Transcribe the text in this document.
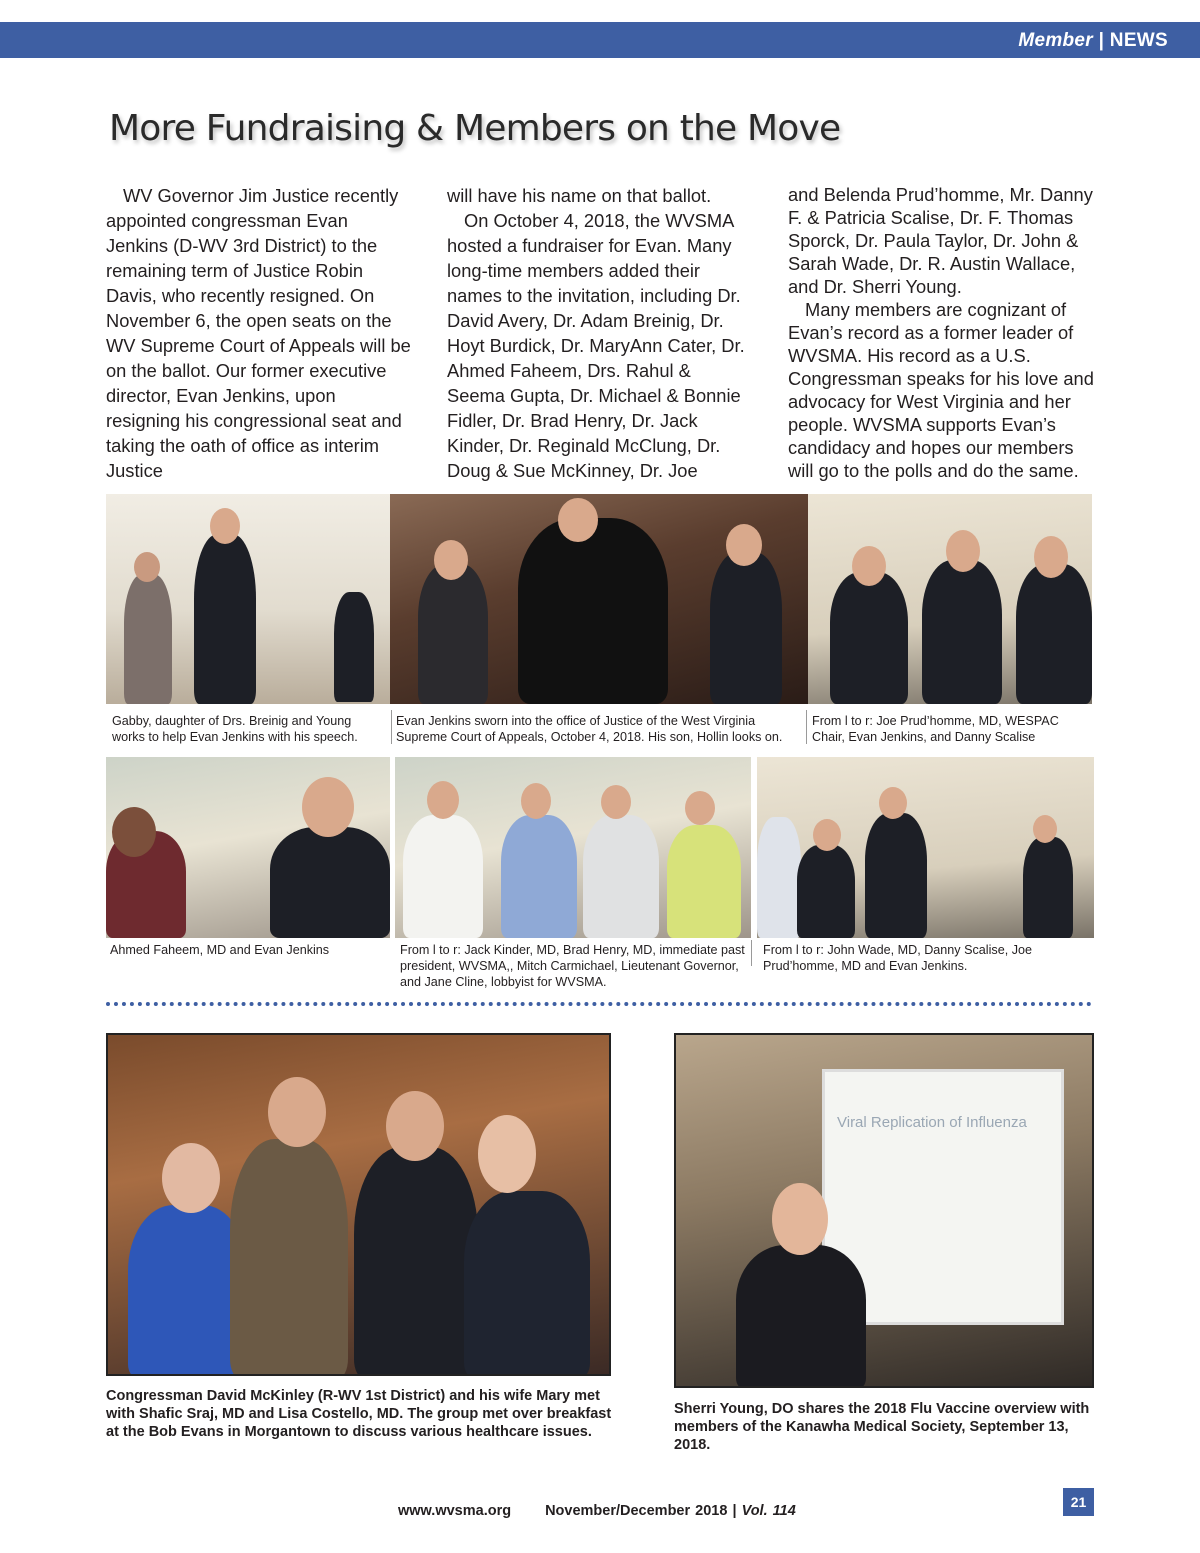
Member | NEWS
More Fundraising & Members on the Move

WV Governor Jim Justice recently appointed congressman Evan Jenkins (D-WV 3rd District) to the remaining term of Justice Robin Davis, who recently resigned. On November 6, the open seats on the WV Supreme Court of Appeals will be on the ballot. Our former executive director, Evan Jenkins, upon resigning his congressional seat and taking the oath of office as interim Justice

will have his name on that ballot.

On October 4, 2018, the WVSMA hosted a fundraiser for Evan. Many long-time members added their names to the invitation, including Dr. David Avery, Dr. Adam Breinig, Dr. Hoyt Burdick, Dr. MaryAnn Cater, Dr. Ahmed Faheem, Drs. Rahul & Seema Gupta, Dr. Michael & Bonnie Fidler, Dr. Brad Henry, Dr. Jack Kinder, Dr. Reginald McClung, Dr. Doug & Sue McKinney, Dr. Joe

and Belenda Prud’homme, Mr. Danny F. & Patricia Scalise, Dr. F. Thomas Sporck, Dr. Paula Taylor, Dr. John & Sarah Wade, Dr. R. Austin Wallace, and Dr. Sherri Young.

Many members are cognizant of Evan’s record as a former leader of WVSMA. His record as a U.S. Congressman speaks for his love and advocacy for West Virginia and her people. WVSMA supports Evan’s candidacy and hopes our members will go to the polls and do the same.

Gabby, daughter of Drs. Breinig and Young works to help Evan Jenkins with his speech.
Evan Jenkins sworn into the office of Justice of the West Virginia Supreme Court of Appeals, October 4, 2018. His son, Hollin looks on.
From l to r: Joe Prud’homme, MD, WESPAC Chair, Evan Jenkins, and Danny Scalise
Ahmed Faheem, MD and Evan Jenkins	From l to r: Jack Kinder, MD, Brad Henry, MD, immediate past president, WVSMA,, Mitch Carmichael, Lieutenant Governor, and Jane Cline, lobbyist for WVSMA.
From l to r: John Wade, MD, Danny Scalise, Joe Prud’homme, MD and Evan Jenkins.
Viral Replication of Influenza
Congressman David McKinley (R-WV 1st District) and his wife Mary met with Shafic Sraj, MD and Lisa Costello, MD. The group met over breakfast at the Bob Evans in Morgantown to discuss various healthcare issues.
Sherri Young, DO shares the 2018 Flu Vaccine overview with members of the Kanawha Medical Society, September 13, 2018.
21
www.wvsma.org November/December 2018 | Vol. 114
